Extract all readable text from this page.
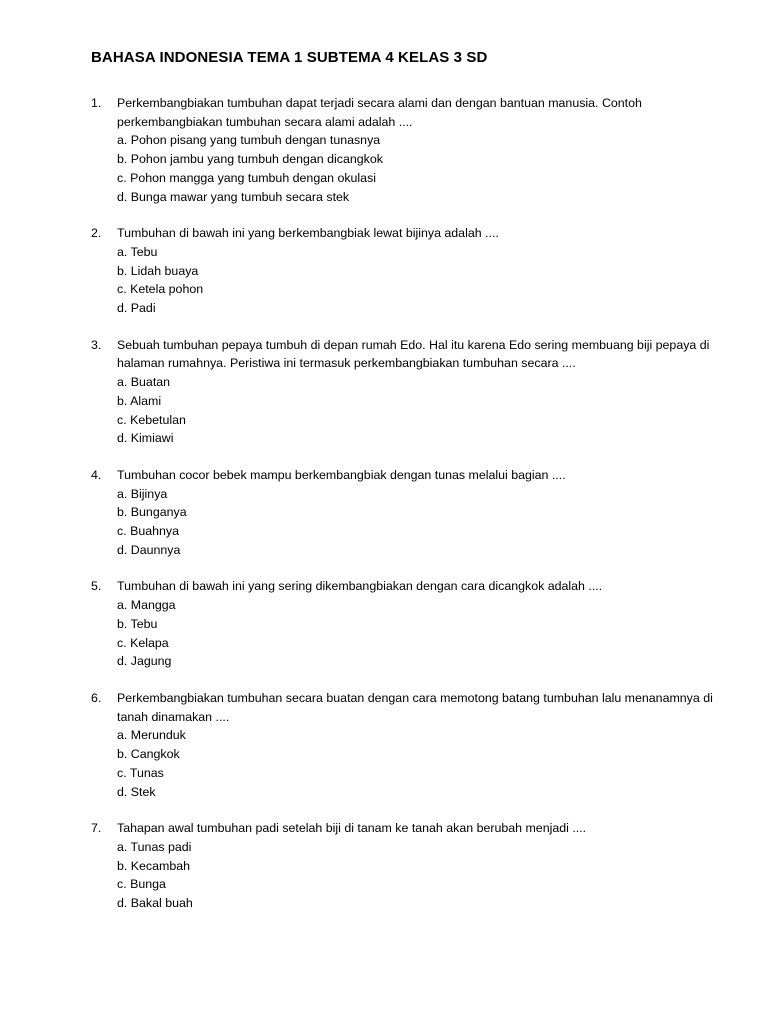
BAHASA INDONESIA TEMA 1 SUBTEMA 4 KELAS 3 SD
1. Perkembangbiakan tumbuhan dapat terjadi secara alami dan dengan bantuan manusia. Contoh perkembangbiakan tumbuhan secara alami adalah ....
a. Pohon pisang yang tumbuh dengan tunasnya
b. Pohon jambu yang tumbuh dengan dicangkok
c. Pohon mangga yang tumbuh dengan okulasi
d. Bunga mawar yang tumbuh secara stek
2. Tumbuhan di bawah ini yang berkembangbiak lewat bijinya adalah ....
a. Tebu
b. Lidah buaya
c. Ketela pohon
d. Padi
3. Sebuah tumbuhan pepaya tumbuh di depan rumah Edo. Hal itu karena Edo sering membuang biji pepaya di halaman rumahnya. Peristiwa ini termasuk perkembangbiakan tumbuhan secara ....
a. Buatan
b. Alami
c. Kebetulan
d. Kimiawi
4. Tumbuhan cocor bebek mampu berkembangbiak dengan tunas melalui bagian ....
a. Bijinya
b. Bunganya
c. Buahnya
d. Daunnya
5. Tumbuhan di bawah ini yang sering dikembangbiakan dengan cara dicangkok adalah ....
a. Mangga
b. Tebu
c. Kelapa
d. Jagung
6. Perkembangbiakan tumbuhan secara buatan dengan cara memotong batang tumbuhan lalu menanamnya di tanah dinamakan ....
a. Merunduk
b. Cangkok
c. Tunas
d. Stek
7. Tahapan awal tumbuhan padi setelah biji di tanam ke tanah akan berubah menjadi ....
a. Tunas padi
b. Kecambah
c. Bunga
d. Bakal buah
